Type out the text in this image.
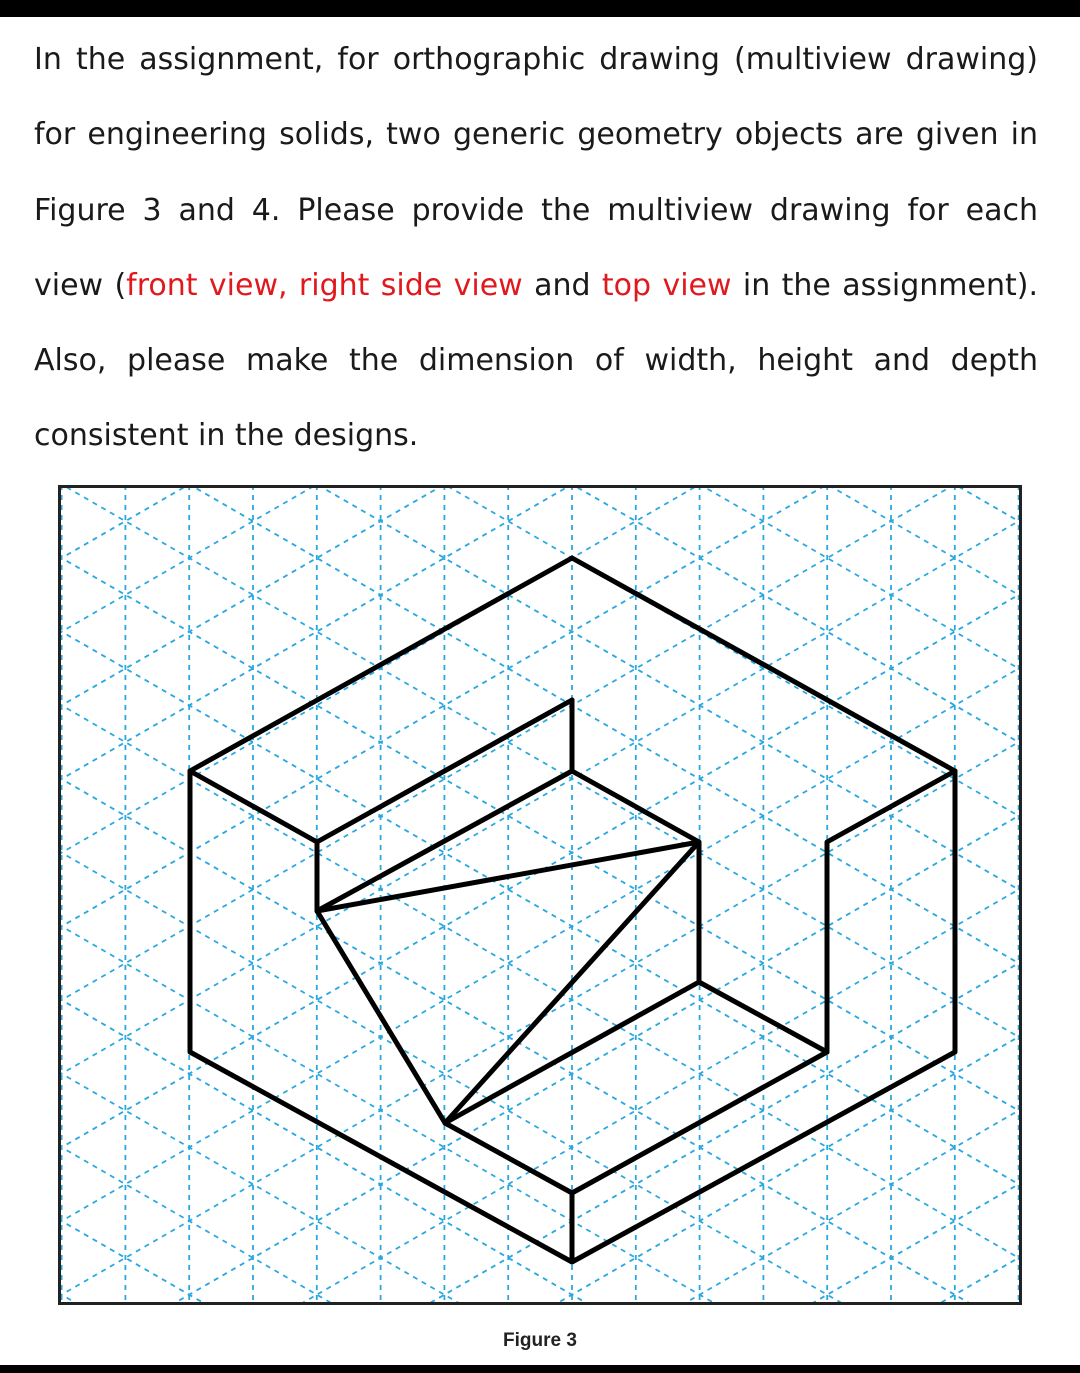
In the assignment, for orthographic drawing (multiview drawing)
for engineering solids, two generic geometry objects are given in
Figure 3 and 4. Please provide the multiview drawing for each
view (front view, right side view and top view in the assignment).
Also, please make the dimension of width, height and depth
consistent in the designs.
Figure 3
